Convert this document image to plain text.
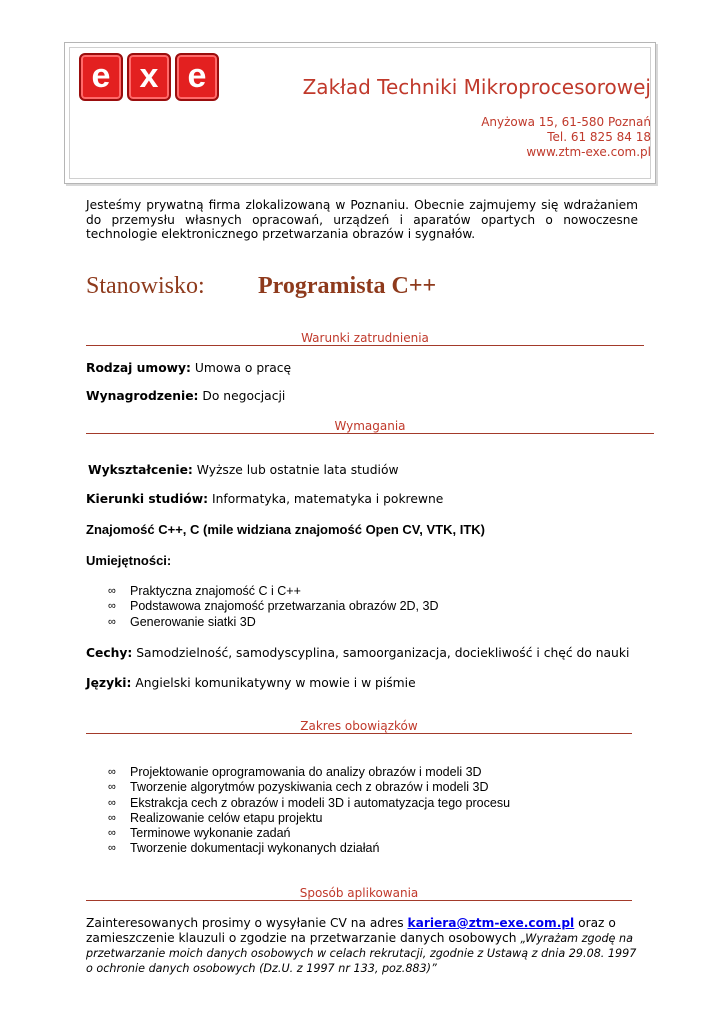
e x e	Zakład Techniki Mikroprocesorowej
Anyżowa 15, 61-580 Poznań
Tel. 61 825 84 18
www.ztm-exe.com.pl
Jesteśmy prywatną firma zlokalizowaną w Poznaniu. Obecnie zajmujemy się wdrażaniem do przemysłu własnych opracowań, urządzeń i aparatów opartych o nowoczesne technologie elektronicznego przetwarzania obrazów i sygnałów.
Stanowisko: Programista C++
Warunki zatrudnienia
Rodzaj umowy: Umowa o pracę
Wynagrodzenie: Do negocjacji
Wymagania
Wykształcenie: Wyższe lub ostatnie lata studiów
Kierunki studiów: Informatyka, matematyka i pokrewne
Znajomość C++, C (mile widziana znajomość Open CV, VTK, ITK)
Umiejętności:
∞ Praktyczna znajomość C i C++
∞ Podstawowa znajomość przetwarzania obrazów 2D, 3D
∞ Generowanie siatki 3D
Cechy: Samodzielność, samodyscyplina, samoorganizacja, dociekliwość i chęć do nauki
Języki: Angielski komunikatywny w mowie i w piśmie
Zakres obowiązków
∞ Projektowanie oprogramowania do analizy obrazów i modeli 3D
∞ Tworzenie algorytmów pozyskiwania cech z obrazów i modeli 3D
∞ Ekstrakcja cech z obrazów i modeli 3D i automatyzacja tego procesu
∞ Realizowanie celów etapu projektu
∞ Terminowe wykonanie zadań
∞ Tworzenie dokumentacji wykonanych działań
Sposób aplikowania
Zainteresowanych prosimy o wysyłanie CV na adres kariera@ztm-exe.com.pl oraz o zamieszczenie klauzuli o zgodzie na przetwarzanie danych osobowych „Wyrażam zgodę na przetwarzanie moich danych osobowych w celach rekrutacji, zgodnie z Ustawą z dnia 29.08. 1997 o ochronie danych osobowych (Dz.U. z 1997 nr 133, poz.883)”
